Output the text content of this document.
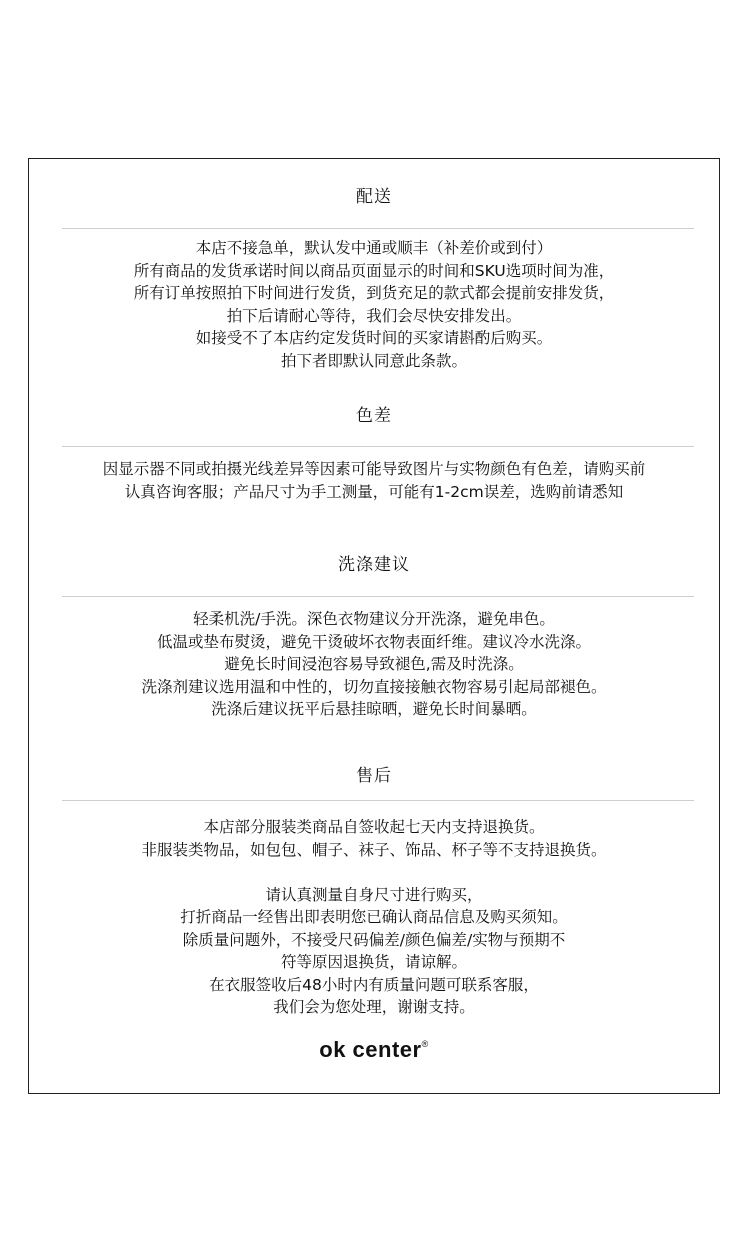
配送
本店不接急单，默认发中通或顺丰（补差价或到付）
所有商品的发货承诺时间以商品页面显示的时间和SKU选项时间为准，
所有订单按照拍下时间进行发货，到货充足的款式都会提前安排发货，
拍下后请耐心等待，我们会尽快安排发出。
如接受不了本店约定发货时间的买家请斟酌后购买。
拍下者即默认同意此条款。
色差
因显示器不同或拍摄光线差异等因素可能导致图片与实物颜色有色差，请购买前
认真咨询客服；产品尺寸为手工测量，可能有1-2cm误差，选购前请悉知
洗涤建议
轻柔机洗/手洗。深色衣物建议分开洗涤，避免串色。
低温或垫布熨烫，避免干烫破坏衣物表面纤维。建议冷水洗涤。
避免长时间浸泡容易导致褪色,需及时洗涤。
洗涤剂建议选用温和中性的，切勿直接接触衣物容易引起局部褪色。
洗涤后建议抚平后悬挂晾晒，避免长时间暴晒。
售后
本店部分服装类商品自签收起七天内支持退换货。
非服装类物品，如包包、帽子、袜子、饰品、杯子等不支持退换货。
请认真测量自身尺寸进行购买，
打折商品一经售出即表明您已确认商品信息及购买须知。
除质量问题外，不接受尺码偏差/颜色偏差/实物与预期不
符等原因退换货，请谅解。
在衣服签收后48小时内有质量问题可联系客服，
我们会为您处理，谢谢支持。
ok center®
